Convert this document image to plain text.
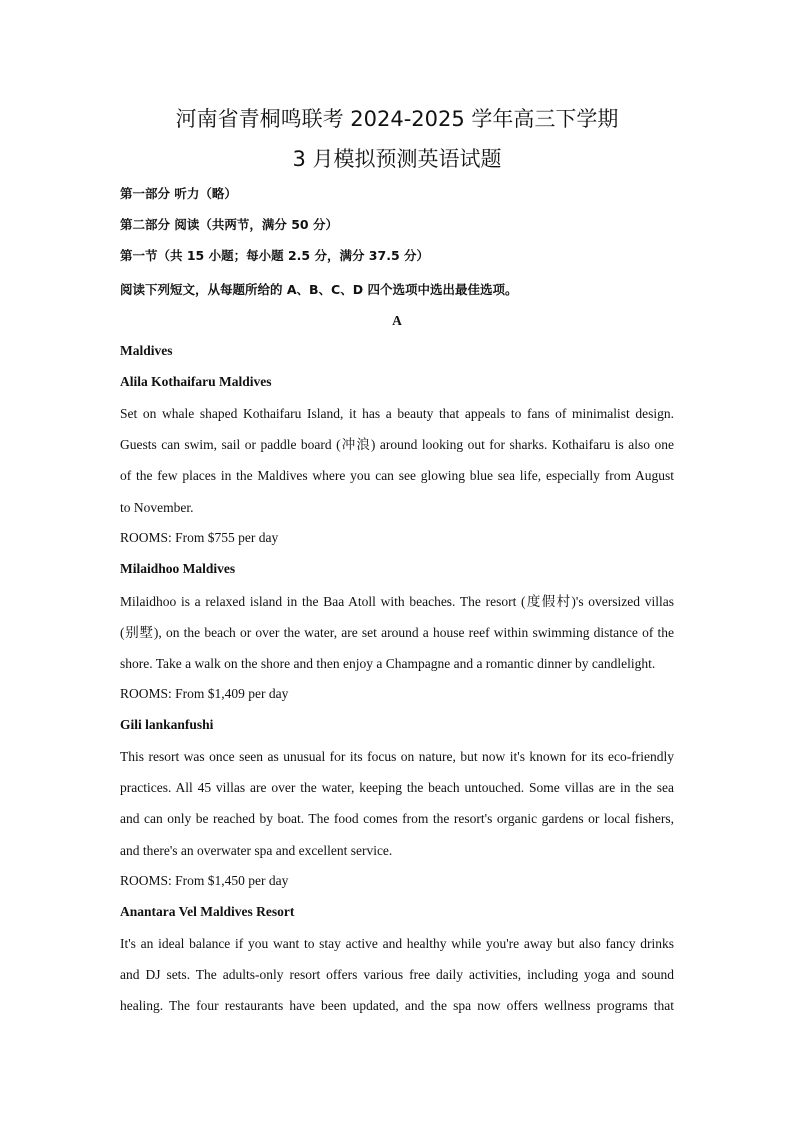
河南省青桐鸣联考 2024-2025 学年高三下学期
3 月模拟预测英语试题
第一部分 听力（略）
第二部分 阅读（共两节，满分 50 分）
第一节（共 15 小题；每小题 2.5 分，满分 37.5 分）
阅读下列短文，从每题所给的 A、B、C、D 四个选项中选出最佳选项。
A
Maldives
Alila Kothaifaru Maldives
Set on whale shaped Kothaifaru Island, it has a beauty that appeals to fans of minimalist design.
Guests can swim, sail or paddle board (冲浪) around looking out for sharks. Kothaifaru is also one
of the few places in the Maldives where you can see glowing blue sea life, especially from August
to November.
ROOMS: From $755 per day
Milaidhoo Maldives
Milaidhoo is a relaxed island in the Baa Atoll with beaches. The resort (度假村)'s oversized villas
(别墅), on the beach or over the water, are set around a house reef within swimming distance of the
shore. Take a walk on the shore and then enjoy a Champagne and a romantic dinner by candlelight.
ROOMS: From $1,409 per day
Gili lankanfushi
This resort was once seen as unusual for its focus on nature, but now it's known for its eco-friendly
practices. All 45 villas are over the water, keeping the beach untouched. Some villas are in the sea
and can only be reached by boat. The food comes from the resort's organic gardens or local fishers,
and there's an overwater spa and excellent service.
ROOMS: From $1,450 per day
Anantara Vel Maldives Resort
It's an ideal balance if you want to stay active and healthy while you're away but also fancy drinks
and DJ sets. The adults-only resort offers various free daily activities, including yoga and sound
healing. The four restaurants have been updated, and the spa now offers wellness programs that
